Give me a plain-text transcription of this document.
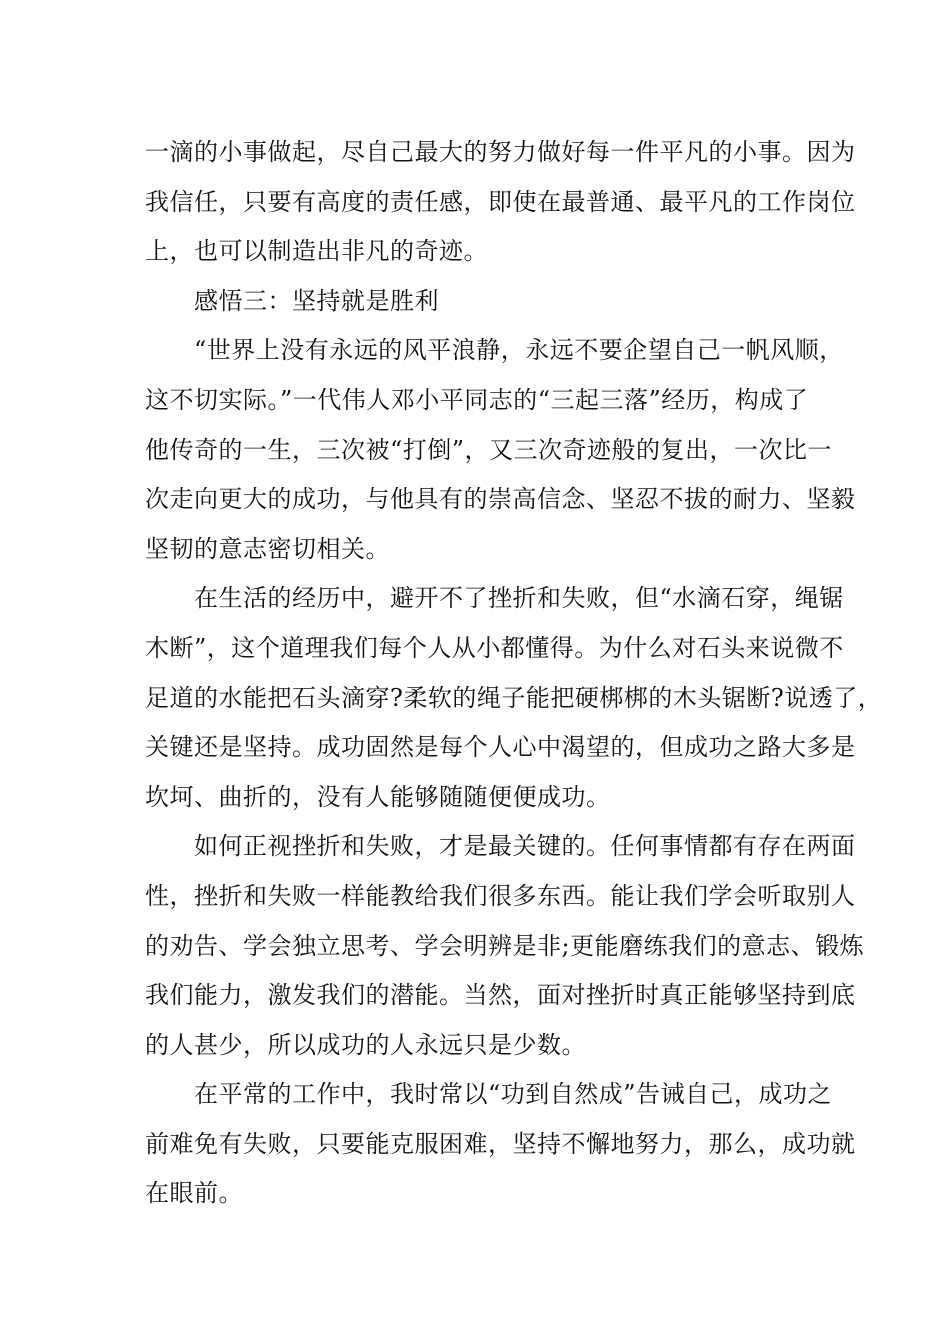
一滴的小事做起，尽自己最大的努力做好每一件平凡的小事。因为
我信任，只要有高度的责任感，即使在最普通、最平凡的工作岗位
上，也可以制造出非凡的奇迹。

　　感悟三：坚持就是胜利

　　“世界上没有永远的风平浪静，永远不要企望自己一帆风顺，
这不切实际。”一代伟人邓小平同志的“三起三落”经历，构成了
他传奇的一生，三次被“打倒”，又三次奇迹般的复出，一次比一
次走向更大的成功，与他具有的崇高信念、坚忍不拔的耐力、坚毅
坚韧的意志密切相关。

　　在生活的经历中，避开不了挫折和失败，但“水滴石穿，绳锯
木断”，这个道理我们每个人从小都懂得。为什么对石头来说微不
足道的水能把石头滴穿?柔软的绳子能把硬梆梆的木头锯断?说透了，
关键还是坚持。成功固然是每个人心中渴望的，但成功之路大多是
坎坷、曲折的，没有人能够随随便便成功。

　　如何正视挫折和失败，才是最关键的。任何事情都有存在两面
性，挫折和失败一样能教给我们很多东西。能让我们学会听取别人
的劝告、学会独立思考、学会明辨是非;更能磨练我们的意志、锻炼
我们能力，激发我们的潜能。当然，面对挫折时真正能够坚持到底
的人甚少，所以成功的人永远只是少数。

　　在平常的工作中，我时常以“功到自然成”告诫自己，成功之
前难免有失败，只要能克服困难，坚持不懈地努力，那么，成功就
在眼前。
